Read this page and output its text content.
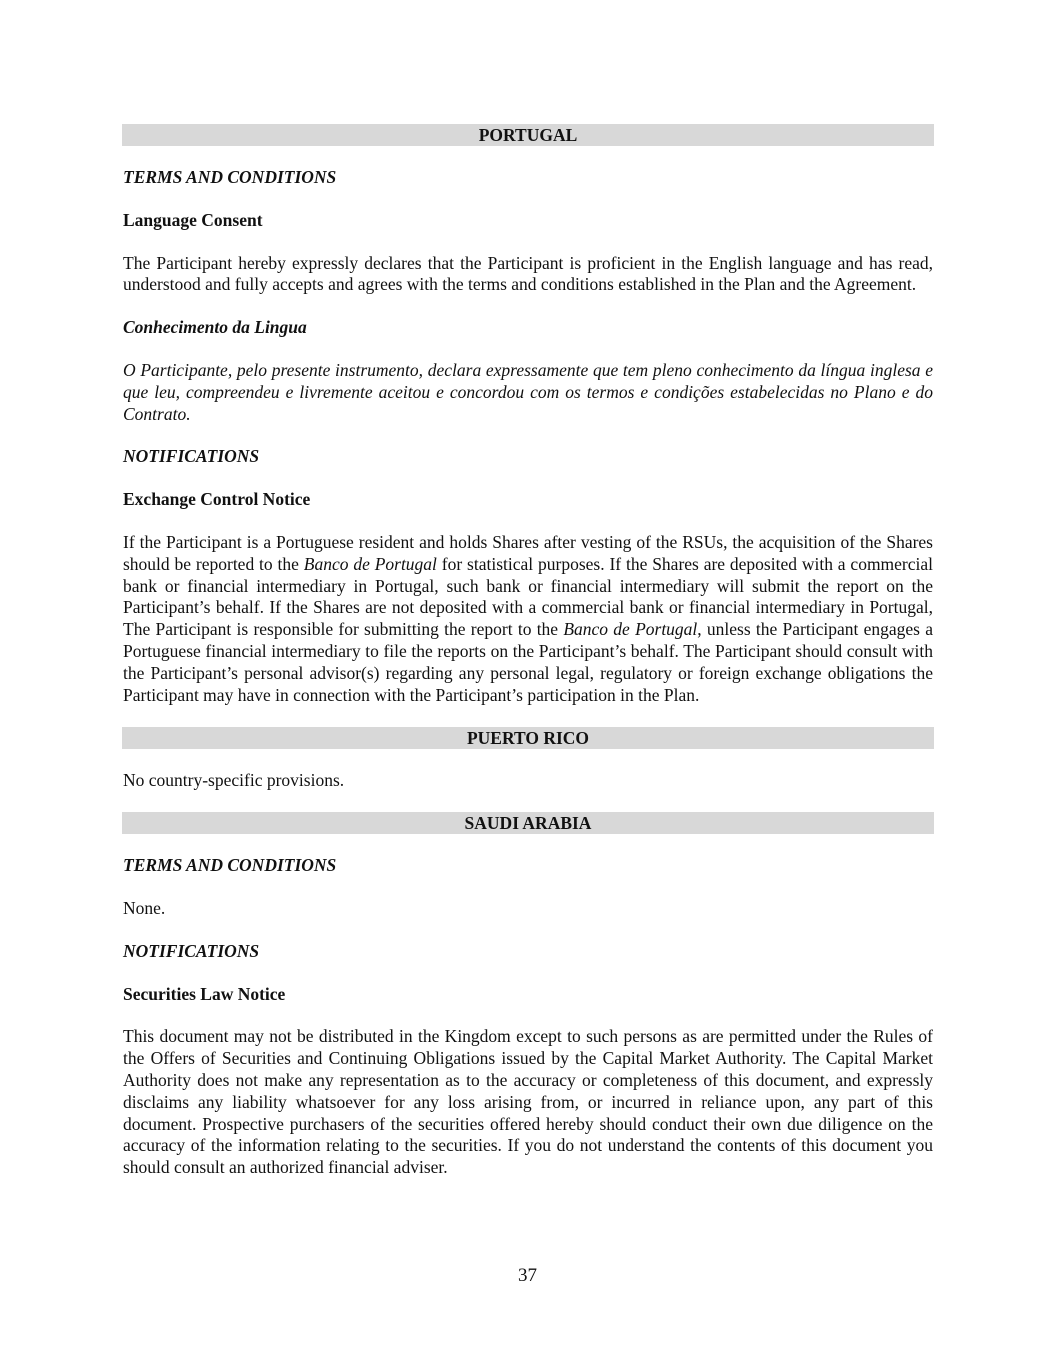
PORTUGAL

TERMS AND CONDITIONS

Language Consent

The Participant hereby expressly declares that the Participant is proficient in the English language and has read, understood and fully accepts and agrees with the terms and conditions established in the Plan and the Agreement.

Conhecimento da Lingua

O Participante, pelo presente instrumento, declara expressamente que tem pleno conhecimento da língua inglesa e que leu, compreendeu e livremente aceitou e concordou com os termos e condições estabelecidas no Plano e do Contrato.

NOTIFICATIONS

Exchange Control Notice

If the Participant is a Portuguese resident and holds Shares after vesting of the RSUs, the acquisition of the Shares should be reported to the Banco de Portugal for statistical purposes. If the Shares are deposited with a commercial bank or financial intermediary in Portugal, such bank or financial intermediary will submit the report on the Participant’s behalf. If the Shares are not deposited with a commercial bank or financial intermediary in Portugal, The Participant is responsible for submitting the report to the Banco de Portugal, unless the Participant engages a Portuguese financial intermediary to file the reports on the Participant’s behalf. The Participant should consult with the Participant’s personal advisor(s) regarding any personal legal, regulatory or foreign exchange obligations the Participant may have in connection with the Participant’s participation in the Plan.

PUERTO RICO

No country-specific provisions.

SAUDI ARABIA

TERMS AND CONDITIONS

None.

NOTIFICATIONS

Securities Law Notice

This document may not be distributed in the Kingdom except to such persons as are permitted under the Rules of the Offers of Securities and Continuing Obligations issued by the Capital Market Authority. The Capital Market Authority does not make any representation as to the accuracy or completeness of this document, and expressly disclaims any liability whatsoever for any loss arising from, or incurred in reliance upon, any part of this document. Prospective purchasers of the securities offered hereby should conduct their own due diligence on the accuracy of the information relating to the securities. If you do not understand the contents of this document you should consult an authorized financial adviser.

37
